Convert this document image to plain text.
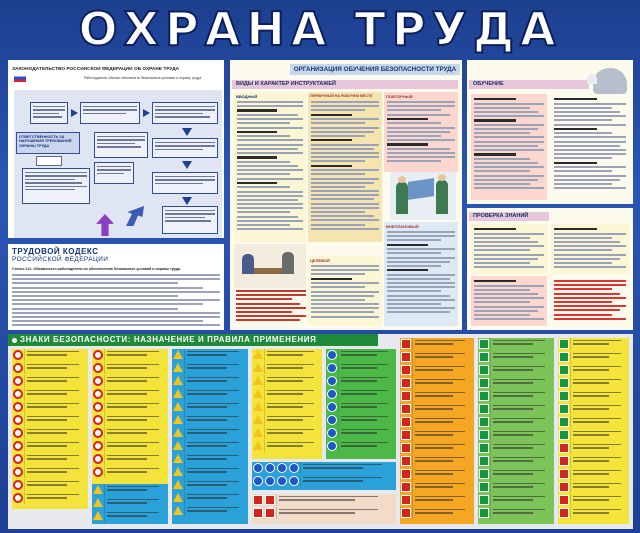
ОХРАНА ТРУДА
ЗАКОНОДАТЕЛЬСТВО РОССИЙСКОЙ ФЕДЕРАЦИИ ОБ ОХРАНЕ ТРУДА
Работодатель обязан обеспечить безопасные условия и охрану труда
ОТВЕТСТВЕННОСТЬ ЗА НАРУШЕНИЯ ТРЕБОВАНИЙ ОХРАНЫ ТРУДА
ТРУДОВОЙ КОДЕКС
РОССИЙСКОЙ ФЕДЕРАЦИИ
Статья 212. Обязанности работодателя по обеспечению безопасных условий и охраны труда
ОРГАНИЗАЦИЯ ОБУЧЕНИЯ БЕЗОПАСНОСТИ ТРУДА
ВИДЫ И ХАРАКТЕР ИНСТРУКТАЖЕЙ
ВВОДНЫЙ	ПЕРВИЧНЫЙ НА РАБОЧЕМ МЕСТЕ	ПОВТОРНЫЙ
ВНЕПЛАНОВЫЙ
ЦЕЛЕВОЙ
ОБУЧЕНИЕ
ПРОВЕРКА ЗНАНИЙ
ЗНАКИ БЕЗОПАСНОСТИ: НАЗНАЧЕНИЕ И ПРАВИЛА ПРИМЕНЕНИЯ
